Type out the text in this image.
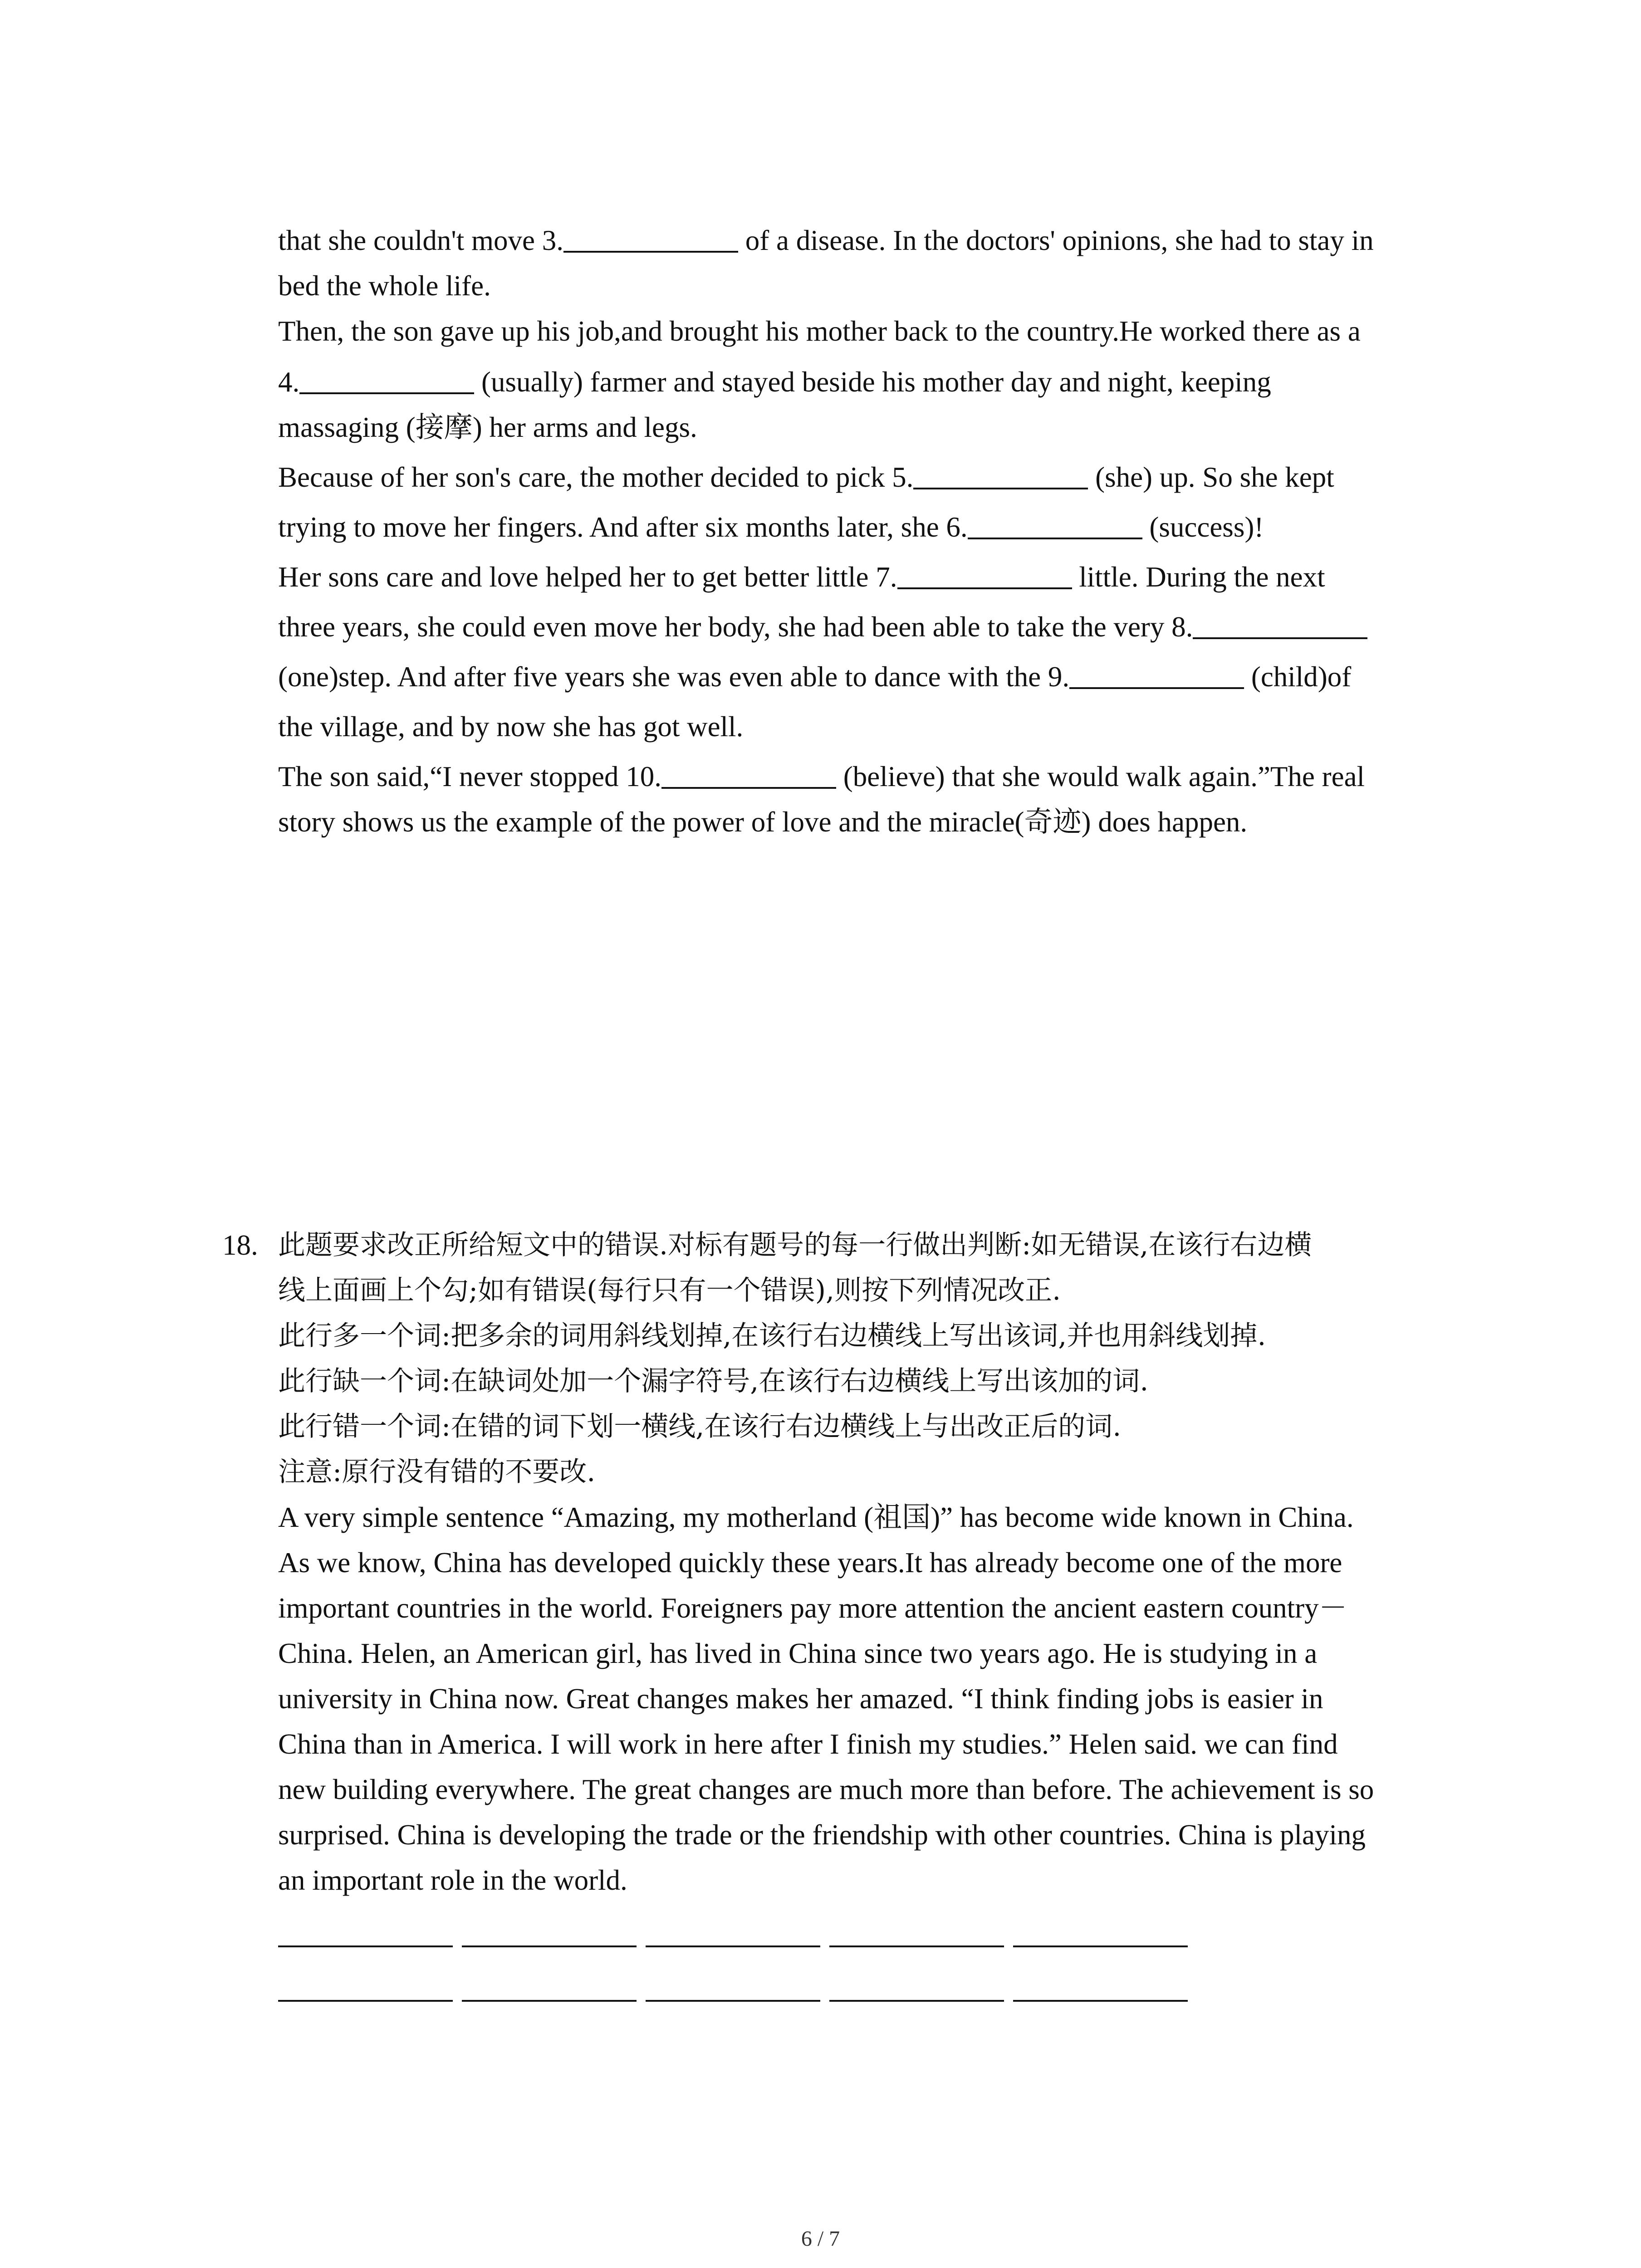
that she couldn't move 3.	of a disease. In the doctors' opinions, she had to stay in
bed the whole life.
Then, the son gave up his job,and brought his mother back to the country.He worked there as a
4.	(usually) farmer and stayed beside his mother day and night, keeping
massaging (接摩) her arms and legs.
Because of her son's care, the mother decided to pick 5.	(she) up. So she kept
trying to move her fingers. And after six months later, she 6.	(success)!
Her sons care and love helped her to get better little 7.	little. During the next
three years, she could even move her body, she had been able to take the very 8.
(one)step. And after five years she was even able to dance with the 9.	(child)of
the village, and by now she has got well.
The son said,“I never stopped 10.	(believe) that she would walk again.”The real
story shows us the example of the power of love and the miracle(奇迹) does happen.
18. 此题要求改正所给短文中的错误.对标有题号的每一行做出判断:如无错误,在该行右边横
线上面画上个勾;如有错误(每行只有一个错误),则按下列情况改正.
此行多一个词:把多余的词用斜线划掉,在该行右边横线上写出该词,并也用斜线划掉.
此行缺一个词:在缺词处加一个漏字符号,在该行右边横线上写出该加的词.
此行错一个词:在错的词下划一横线,在该行右边横线上与出改正后的词.
注意:原行没有错的不要改.
A very simple sentence “Amazing, my motherland (祖国)” has become wide known in China.
As we know, China has developed quickly these years.It has already become one of the more
important countries in the world. Foreigners pay more attention the ancient eastern country－
China. Helen, an American girl, has lived in China since two years ago. He is studying in a
university in China now. Great changes makes her amazed. “I think finding jobs is easier in
China than in America. I will work in here after I finish my studies.” Helen said. we can find
new building everywhere. The great changes are much more than before. The achievement is so
surprised. China is developing the trade or the friendship with other countries. China is playing
an important role in the world.
6 / 7
